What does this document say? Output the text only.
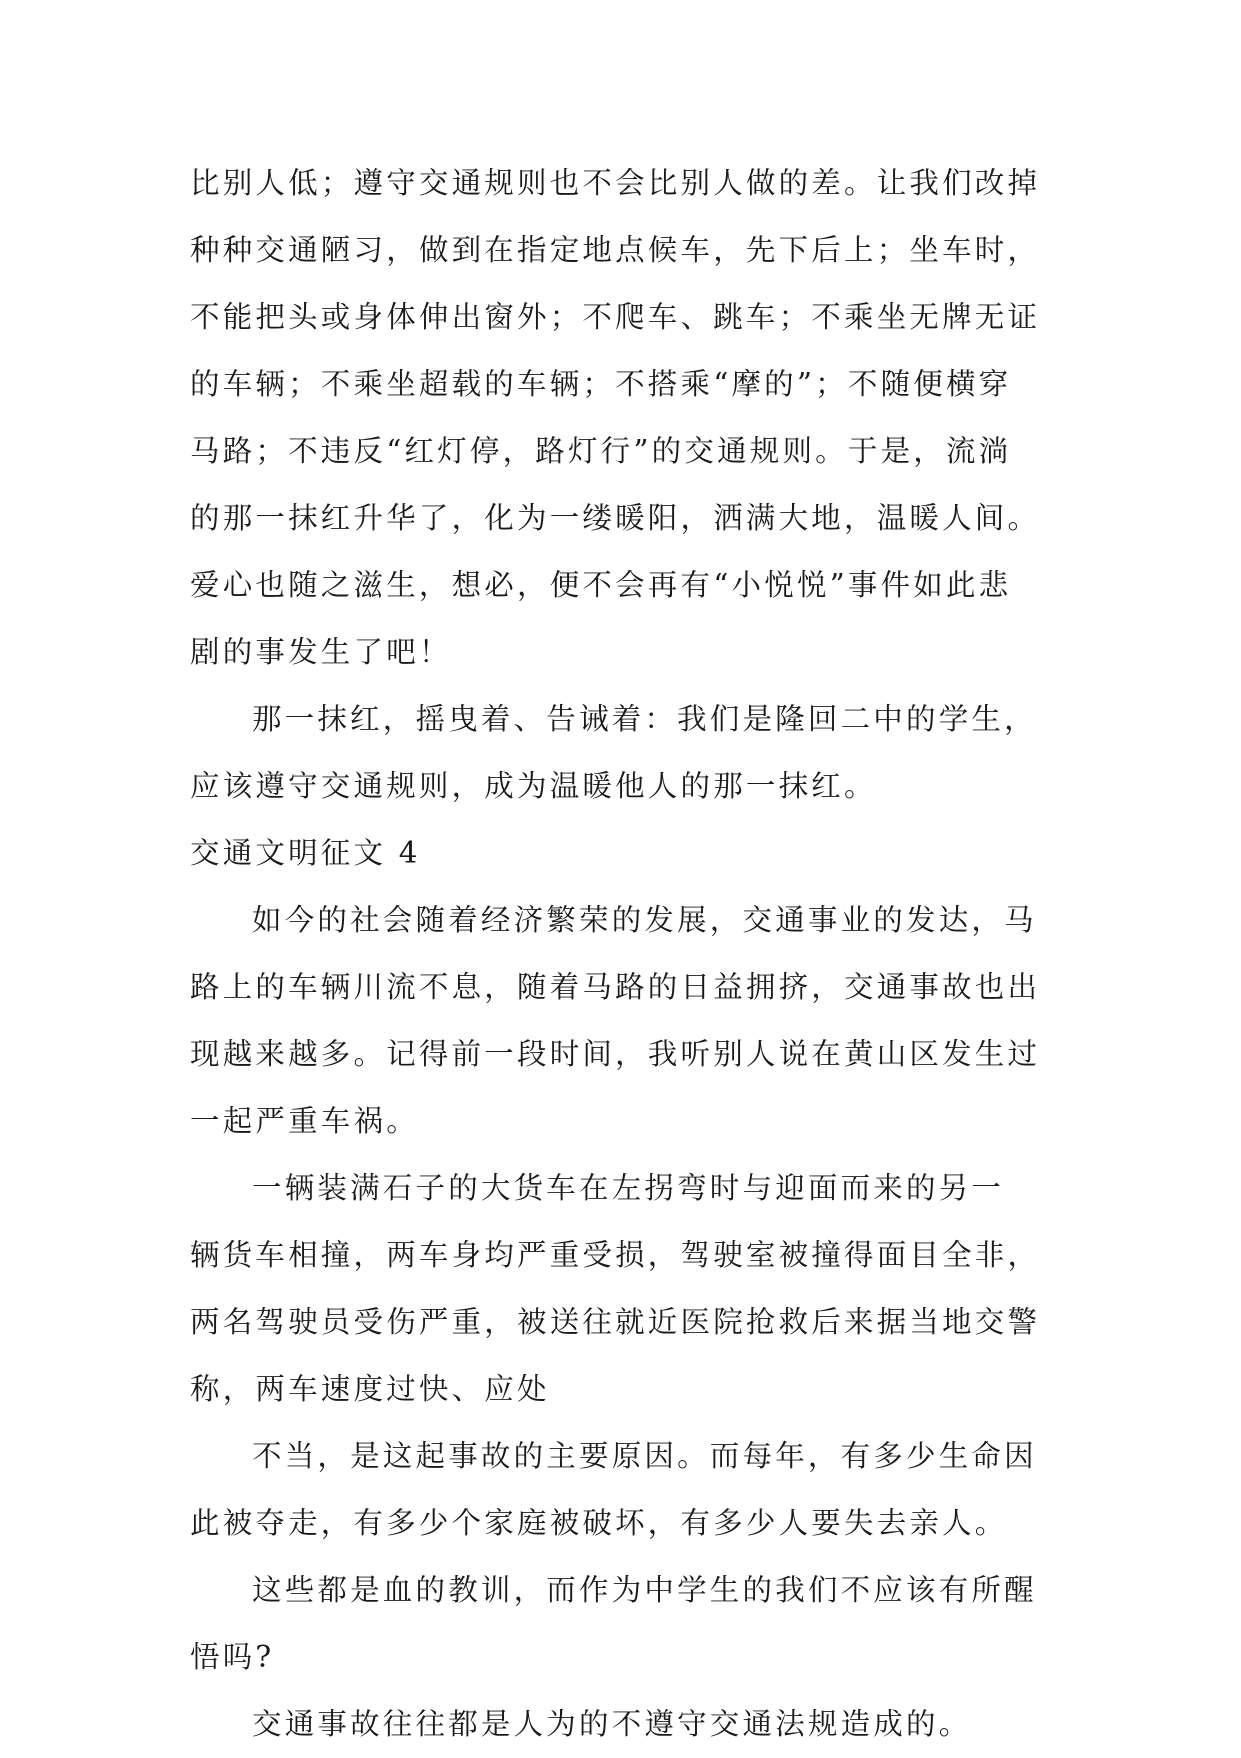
比别人低；遵守交通规则也不会比别人做的差。让我们改掉
种种交通陋习，做到在指定地点候车，先下后上；坐车时，
不能把头或身体伸出窗外；不爬车、跳车；不乘坐无牌无证
的车辆；不乘坐超载的车辆；不搭乘“摩的”；不随便横穿
马路；不违反“红灯停，路灯行”的交通规则。于是，流淌
的那一抹红升华了，化为一缕暖阳，洒满大地，温暖人间。
爱心也随之滋生，想必，便不会再有“小悦悦”事件如此悲
剧的事发生了吧！
那一抹红，摇曳着、告诫着：我们是隆回二中的学生，
应该遵守交通规则，成为温暖他人的那一抹红。
交通文明征文 4
如今的社会随着经济繁荣的发展，交通事业的发达，马
路上的车辆川流不息，随着马路的日益拥挤，交通事故也出
现越来越多。记得前一段时间，我听别人说在黄山区发生过
一起严重车祸。
一辆装满石子的大货车在左拐弯时与迎面而来的另一
辆货车相撞，两车身均严重受损，驾驶室被撞得面目全非，
两名驾驶员受伤严重，被送往就近医院抢救后来据当地交警
称，两车速度过快、应处
不当，是这起事故的主要原因。而每年，有多少生命因
此被夺走，有多少个家庭被破坏，有多少人要失去亲人。
这些都是血的教训，而作为中学生的我们不应该有所醒
悟吗?
交通事故往往都是人为的不遵守交通法规造成的。
